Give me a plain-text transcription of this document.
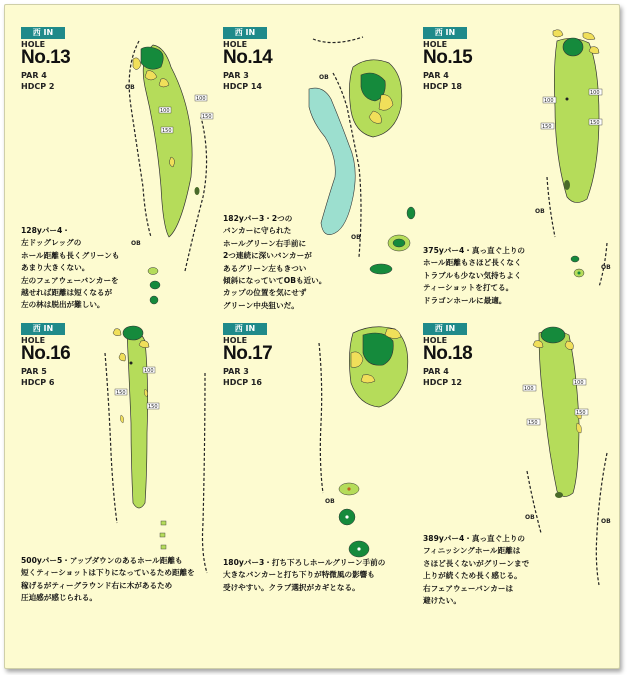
西 IN
HOLE
No.13
PAR 4
HDCP 2
100
100
150
150
OB
OB
128yパー4・
左ドッグレッグの
ホール距離も長くグリーンも
あまり大きくない。
左のフェアウェーバンカーを
越せれば距離は短くなるが
左の林は脱出が難しい。
西 IN
HOLE
No.14
PAR 3
HDCP 14
OB
OB
182yパー3・2つの
バンカーに守られた
ホールグリーン右手前に
2つ連続に深いバンカーが
あるグリーン左もきつい
傾斜になっていてOBも近い。
カップの位置を気にせず
グリーン中央狙いだ。
西 IN
HOLE
No.15
PAR 4
HDCP 18
100
100
150
150
OB
OB
375yパー4・真っ直ぐ上りの
ホール距離もさほど長くなく
トラブルも少ない気持ちよく
ティーショットを打てる。
ドラゴンホールに最適。
西 IN
HOLE
No.16
PAR 5
HDCP 6
100
150
150
500yパー5・アップダウンのあるホール距離も
短くティーショットは下りになっているため距離を
稼げるがティーグラウンド右に木があるため
圧迫感が感じられる。
西 IN
HOLE
No.17
PAR 3
HDCP 16
OB
180yパー3・打ち下ろしホールグリーン手前の
大きなバンカーと打ち下りが特微風の影響も
受けやすい。クラブ選択がカギとなる。
西 IN
HOLE
No.18
PAR 4
HDCP 12
100
100
150
150
OB
OB
389yパー4・真っ直ぐ上りの
フィニッシングホール距離は
さほど長くないがグリーンまで
上りが続くため長く感じる。
右フェアウェーバンカーは
避けたい。
